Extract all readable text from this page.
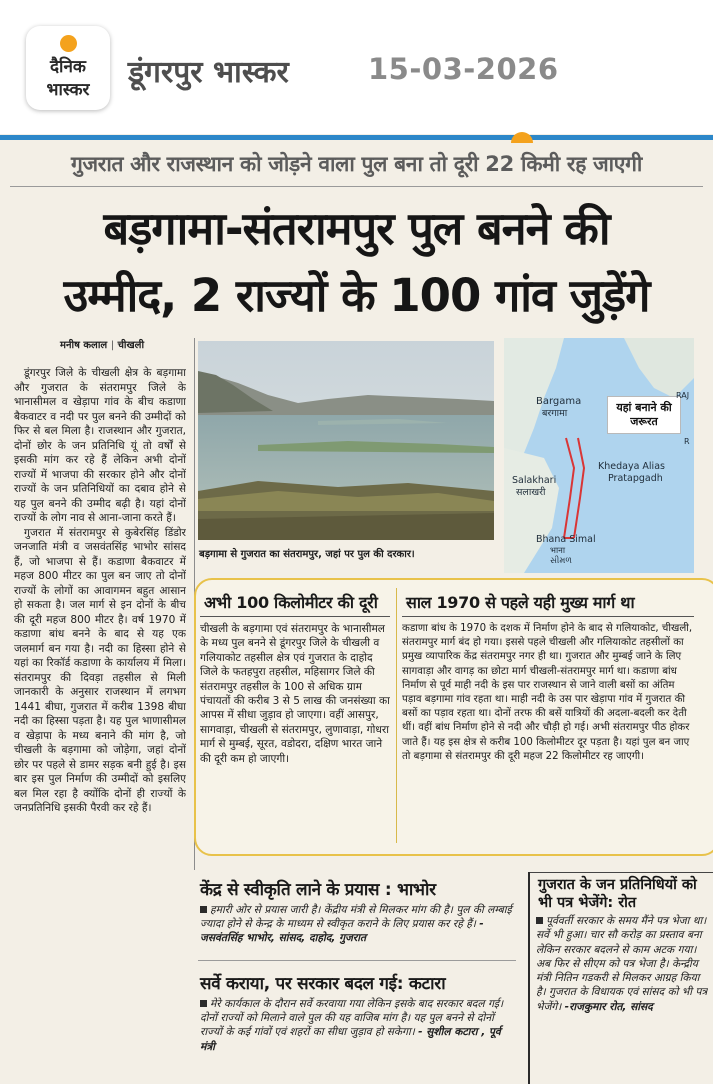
दैनिक
भास्कर	डूंगरपुर भास्कर	15-03-2026
गुजरात और राजस्थान को जोड़ने वाला पुल बना तो दूरी 22 किमी रह जाएगी
बड़गामा-संतरामपुर पुल बनने की
उम्मीद, 2 राज्यों के 100 गांव जुड़ेंगे
मनीष कलाल | चीखली

डूंगरपुर जिले के चीखली क्षेत्र के बड़गामा और गुजरात के संतरामपुर जिले के भानासीमल व खेड़ापा गांव के बीच कडाणा बैकवाटर व नदी पर पुल बनने की उम्मीदों को फिर से बल मिला है। राजस्थान और गुजरात, दोनों छोर के जन प्रतिनिधि यूं तो वर्षों से इसकी मांग कर रहे हैं लेकिन अभी दोनों राज्यों में भाजपा की सरकार होने और दोनों राज्यों के जन प्रतिनिधियों का दबाव होने से यह पुल बनने की उम्मीद बढ़ी है। यहां दोनों राज्यों के लोग नाव से आना-जाना करते हैं।

गुजरात में संतरामपुर से कुबेरसिंह डिंडोर जनजाति मंत्री व जसवंतसिंह भाभोर सांसद हैं, जो भाजपा से हैं। कडाणा बैकवाटर में महज 800 मीटर का पुल बन जाए तो दोनों राज्यों के लोगों का आवागमन बहुत आसान हो सकता है। जल मार्ग से इन दोनों के बीच की दूरी महज 800 मीटर है। वर्ष 1970 में कडाणा बांध बनने के बाद से यह एक जलमार्ग बन गया है। नदी का हिस्सा होने से यहां का रिकॉर्ड कडाणा के कार्यालय में मिला। संतरामपुर की दिवड़ा तहसील से मिली जानकारी के अनुसार राजस्थान में लगभग 1441 बीघा, गुजरात में करीब 1398 बीघा नदी का हिस्सा पड़ता है। यह पुल भाणासीमल व खेड़ापा के मध्य बनाने की मांग है, जो चीखली के बड़गामा को जोड़ेगा, जहां दोनों छोर पर पहले से डामर सड़क बनी हुई है। इस बार इस पुल निर्माण की उम्मीदों को इसलिए बल मिल रहा है क्योंकि दोनों ही राज्यों के जनप्रतिनिधि इसकी पैरवी कर रहे हैं।

बड़गामा से गुजरात का संतरामपुर, जहां पर पुल की दरकार।
Bargama
बरगामा	यहां बनाने की जरूरत
Salakhari
सलाखरी
Khedaya Alias
Pratapgadh
Bhana Simal
भाना
સીમળ
RAJ
R
अभी 100 किलोमीटर की दूरी
चीखली के बड़गामा एवं संतरामपुर के भानासीमल के मध्य पुल बनने से डूंगरपुर जिले के चीखली व गलियाकोट तहसील क्षेत्र एवं गुजरात के दाहोद जिले के फतहपुरा तहसील, महिसागर जिले की संतरामपुर तहसील के 100 से अधिक ग्राम पंचायतों की करीब 3 से 5 लाख की जनसंख्या का आपस में सीधा जुड़ाव हो जाएगा। वहीं आसपुर, सागवाड़ा, चीखली से संतरामपुर, लुणावाड़ा, गोधरा मार्ग से मुम्बई, सूरत, वडोदरा, दक्षिण भारत जाने की दूरी कम हो जाएगी।
साल 1970 से पहले यही मुख्य मार्ग था
कडाणा बांध के 1970 के दशक में निर्माण होने के बाद से गलियाकोट, चीखली, संतरामपुर मार्ग बंद हो गया। इससे पहले चीखली और गलियाकोट तहसीलों का प्रमुख व्यापारिक केंद्र संतरामपुर नगर ही था। गुजरात और मुम्बई जाने के लिए सागवाड़ा और वागड़ का छोटा मार्ग चीखली-संतरामपुर मार्ग था। कडाणा बांध निर्माण से पूर्व माही नदी के इस पार राजस्थान से जाने वाली बसों का अंतिम पड़ाव बड़गामा गांव रहता था। माही नदी के उस पार खेड़ापा गांव में गुजरात की बसों का पड़ाव रहता था। दोनों तरफ की बसें यात्रियों की अदला-बदली कर देती थीं। वहीं बांध निर्माण होने से नदी और चौड़ी हो गई। अभी संतरामपुर पीठ होकर जाते हैं। यह इस क्षेत्र से करीब 100 किलोमीटर दूर पड़ता है। यहां पुल बन जाए तो बड़गामा से संतरामपुर की दूरी महज 22 किलोमीटर रह जाएगी।
केंद्र से स्वीकृति लाने के प्रयास : भाभोर
हमारी ओर से प्रयास जारी है। केंद्रीय मंत्री से मिलकर मांग की है। पुल की लम्बाई ज्यादा होने से केन्द्र के माध्यम से स्वीकृत कराने के लिए प्रयास कर रहे हैं। - जसवंतसिंह भाभोर, सांसद, दाहोद, गुजरात
सर्वे कराया, पर सरकार बदल गई: कटारा
मेरे कार्यकाल के दौरान सर्वे करवाया गया लेकिन इसके बाद सरकार बदल गई। दोनों राज्यों को मिलाने वाले पुल की यह वाजिब मांग है। यह पुल बनने से दोनों राज्यों के कई गांवों एवं शहरों का सीधा जुड़ाव हो सकेगा। - सुशील कटारा , पूर्व मंत्री
गुजरात के जन प्रतिनिधियों को भी पत्र भेजेंगे: रोत
पूर्ववर्ती सरकार के समय मैंने पत्र भेजा था। सर्वे भी हुआ। चार सौ करोड़ का प्रस्ताव बना लेकिन सरकार बदलने से काम अटक गया। अब फिर से सीएम को पत्र भेजा है। केन्द्रीय मंत्री नितिन गडकरी से मिलकर आग्रह किया है। गुजरात के विधायक एवं सांसद को भी पत्र भेजेंगे। -राजकुमार रोत, सांसद
